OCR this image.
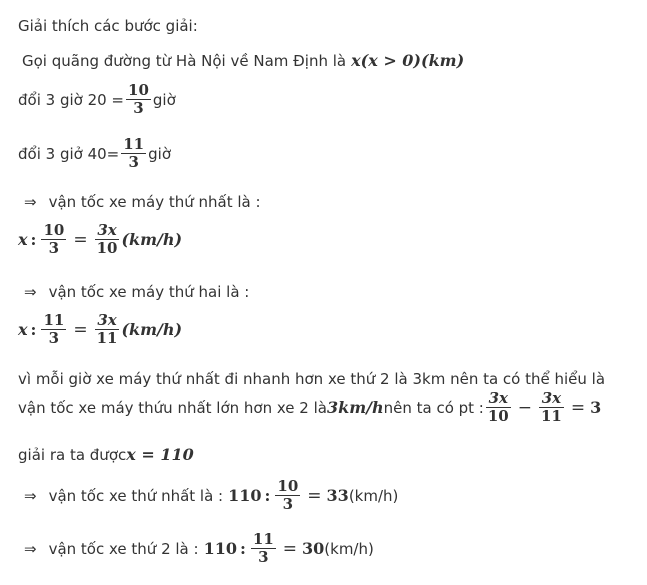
Giải thích các bước giải:
Gọi quãng đường từ Hà Nội về Nam Định là x(x > 0)(km)
đổi 3 giờ $20 = \frac{10}{3}$ giờ
đổi 3 giở $40= \frac{11}{3}$ giờ
⇒ vận tốc xe máy thứ nhất là :
x : $\frac{10}{3} = \frac{3x}{10} (km/h)$
⇒ vận tốc xe máy thứ hai là :
x : $\frac{11}{3} = \frac{3x}{11} (km/h)$
vì mỗi giờ xe máy thứ nhất đi nhanh hơn xe thứ 2 là 3km nên ta có thể hiểu là
vận tốc xe máy thứu nhất lớn hơn xe 2 là 3km/h nên ta có pt : $\frac{3x}{10} - \frac{3x}{11} = 3$
giải ra ta được x = 110
⇒ vận tốc xe thứ nhất là : 110 : $\frac{10}{3} = 33$ (km/h)
⇒ vận tốc xe thứ 2 là : 110 : $\frac{11}{3} = 30$ (km/h)
